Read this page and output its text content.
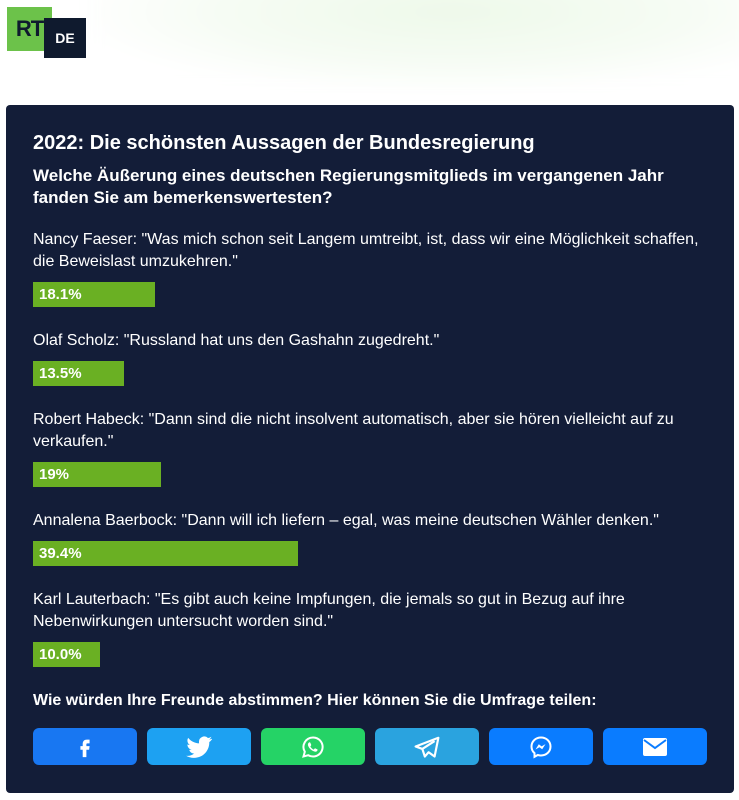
RT DE
2022: Die schönsten Aussagen der Bundesregierung

Welche Äußerung eines deutschen Regierungsmitglieds im vergangenen Jahr fanden Sie am bemerkenswertesten?

Nancy Faeser: "Was mich schon seit Langem umtreibt, ist, dass wir eine Möglichkeit schaffen, die Beweislast umzukehren."
18.1%
Olaf Scholz: "Russland hat uns den Gashahn zugedreht."
13.5%
Robert Habeck: "Dann sind die nicht insolvent automatisch, aber sie hören vielleicht auf zu verkaufen."
19%
Annalena Baerbock: "Dann will ich liefern – egal, was meine deutschen Wähler denken."
39.4%
Karl Lauterbach: "Es gibt auch keine Impfungen, die jemals so gut in Bezug auf ihre Nebenwirkungen untersucht worden sind."
10.0%
Wie würden Ihre Freunde abstimmen? Hier können Sie die Umfrage teilen:
